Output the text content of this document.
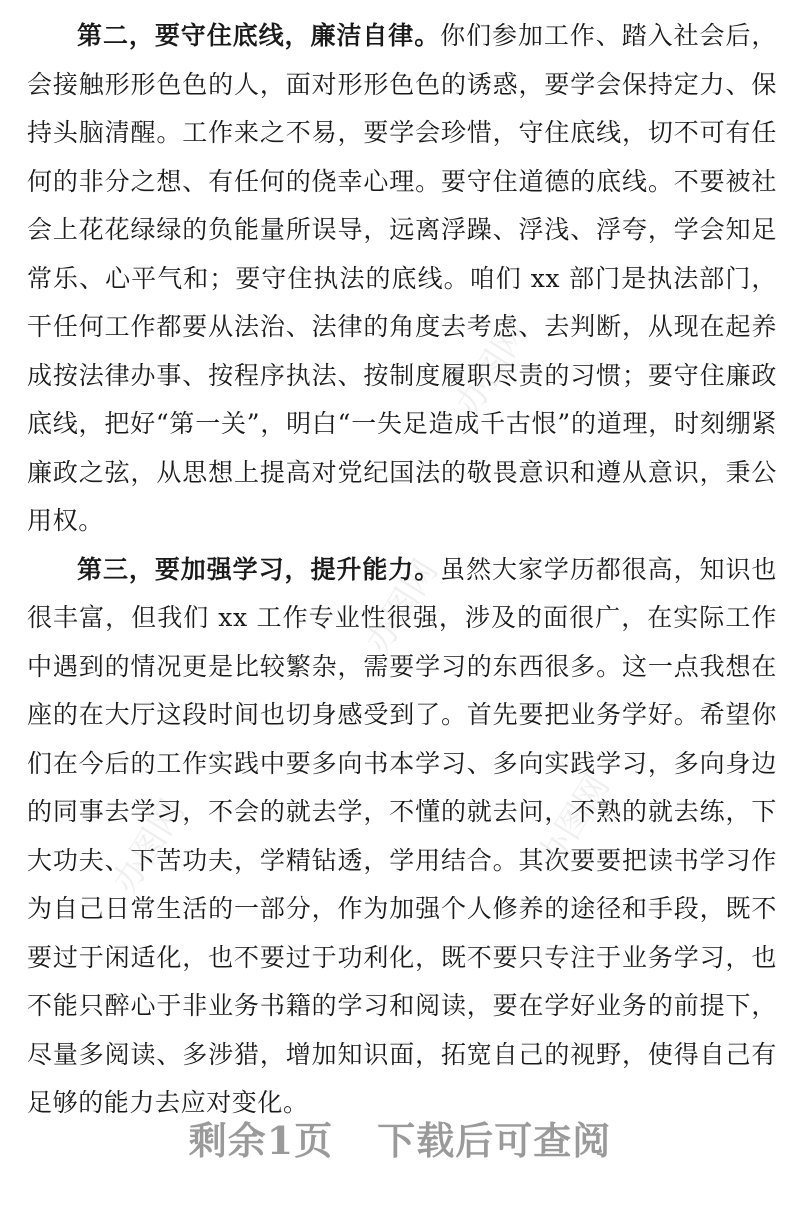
办图网
办图网
办图网
办图网

第二，要守住底线，廉洁自律。你们参加工作、踏入社会后，会接触形形色色的人，面对形形色色的诱惑，要学会保持定力、保持头脑清醒。工作来之不易，要学会珍惜，守住底线，切不可有任何的非分之想、有任何的侥幸心理。要守住道德的底线。不要被社会上花花绿绿的负能量所误导，远离浮躁、浮浅、浮夸，学会知足常乐、心平气和；要守住执法的底线。咱们 xx 部门是执法部门，干任何工作都要从法治、法律的角度去考虑、去判断，从现在起养成按法律办事、按程序执法、按制度履职尽责的习惯；要守住廉政底线，把好“第一关”，明白“一失足造成千古恨”的道理，时刻绷紧廉政之弦，从思想上提高对党纪国法的敬畏意识和遵从意识，秉公用权。

第三，要加强学习，提升能力。虽然大家学历都很高，知识也很丰富，但我们 xx 工作专业性很强，涉及的面很广，在实际工作中遇到的情况更是比较繁杂，需要学习的东西很多。这一点我想在座的在大厅这段时间也切身感受到了。首先要把业务学好。希望你们在今后的工作实践中要多向书本学习、多向实践学习，多向身边的同事去学习，不会的就去学，不懂的就去问，不熟的就去练，下大功夫、下苦功夫，学精钻透，学用结合。其次要要把读书学习作为自己日常生活的一部分，作为加强个人修养的途径和手段，既不要过于闲适化，也不要过于功利化，既不要只专注于业务学习，也不能只醉心于非业务书籍的学习和阅读，要在学好业务的前提下，尽量多阅读、多涉猎，增加知识面，拓宽自己的视野，使得自己有足够的能力去应对变化。

剩余1页 下载后可查阅
